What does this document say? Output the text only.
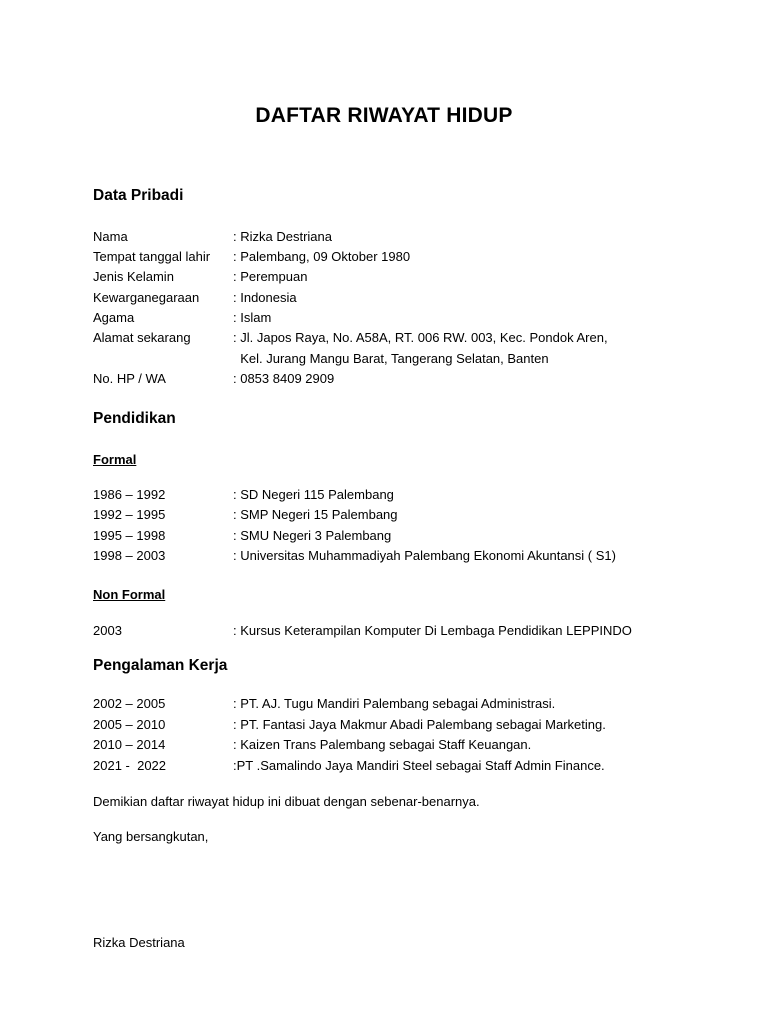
DAFTAR RIWAYAT HIDUP
Data Pribadi
Nama	: Rizka Destriana
Tempat tanggal lahir : Palembang, 09 Oktober 1980
Jenis Kelamin	: Perempuan
Kewarganegaraan	: Indonesia
Agama	: Islam
Alamat sekarang	: Jl. Japos Raya, No. A58A, RT. 006 RW. 003, Kec. Pondok Aren,
Kel. Jurang Mangu Barat, Tangerang Selatan, Banten
No. HP / WA	: 0853 8409 2909
Pendidikan
Formal
1986 – 1992	: SD Negeri 115 Palembang
1992 – 1995	: SMP Negeri 15 Palembang
1995 – 1998	: SMU Negeri 3 Palembang
1998 – 2003	: Universitas Muhammadiyah Palembang Ekonomi Akuntansi ( S1)
Non Formal
2003	: Kursus Keterampilan Komputer Di Lembaga Pendidikan LEPPINDO
Pengalaman Kerja
2002 – 2005	: PT. AJ. Tugu Mandiri Palembang sebagai Administrasi.
2005 – 2010	: PT. Fantasi Jaya Makmur Abadi Palembang sebagai Marketing.
2010 – 2014	: Kaizen Trans Palembang sebagai Staff Keuangan.
2021 -  2022	:PT .Samalindo Jaya Mandiri Steel sebagai Staff Admin Finance.
Demikian daftar riwayat hidup ini dibuat dengan sebenar-benarnya.
Yang bersangkutan,
Rizka Destriana
